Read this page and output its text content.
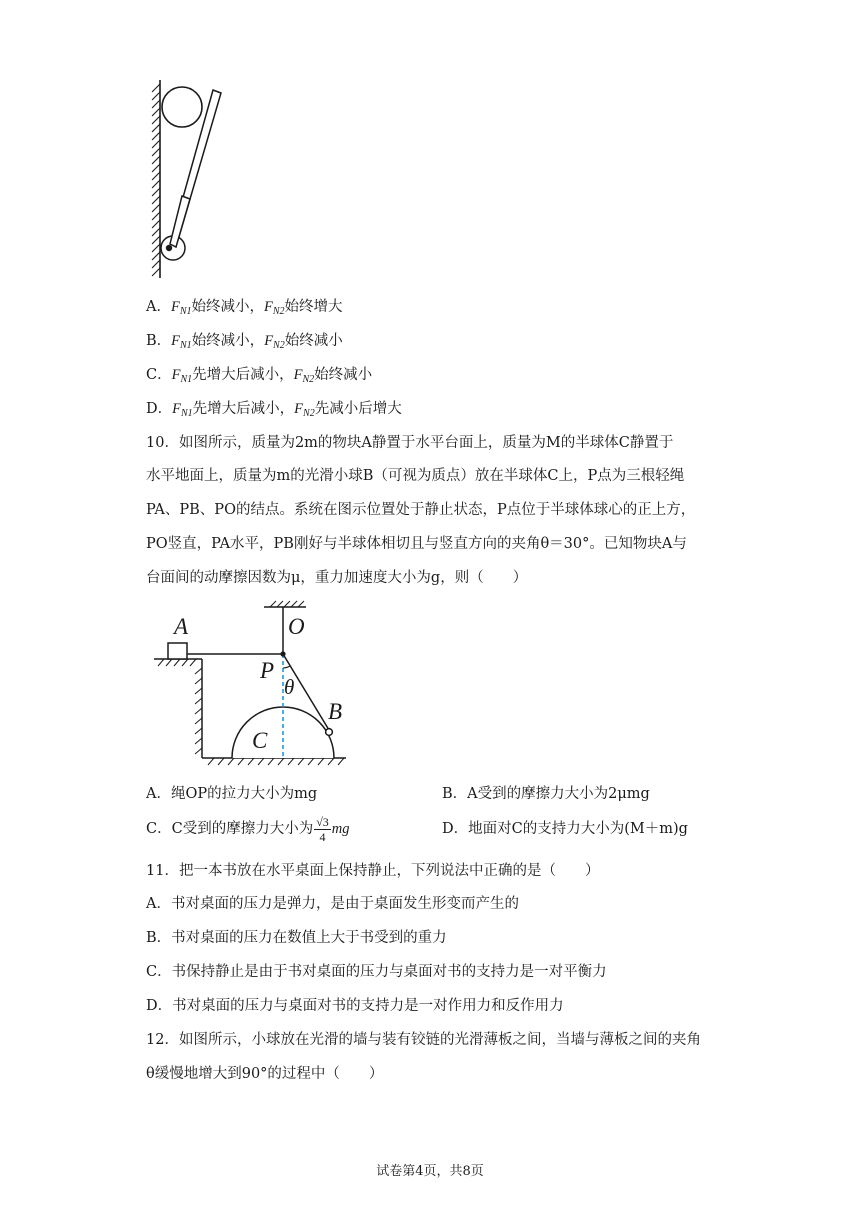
A．$F_{N1}$始终减小，$F_{N2}$始终增大
B．$F_{N1}$始终减小，$F_{N2}$始终减小
C．$F_{N1}$先增大后减小，$F_{N2}$始终减小
D．$F_{N1}$先增大后减小，$F_{N2}$先减小后增大
10．如图所示，质量为2m的物块A静置于水平台面上，质量为M的半球体C静置于
水平地面上，质量为m的光滑小球B（可视为质点）放在半球体C上，P点为三根轻绳
PA、PB、PO的结点。系统在图示位置处于静止状态，P点位于半球体球心的正上方，
PO竖直，PA水平，PB刚好与半球体相切且与竖直方向的夹角θ＝30°。已知物块A与
台面间的动摩擦因数为μ，重力加速度大小为g，则（　　）
A	O
P
θ
B
C
A．绳OP的拉力大小为mg	B．A受到的摩擦力大小为2μmg
C．C受到的摩擦力大小为 $\frac{√3}{4}$ mg	D．地面对C的支持力大小为(M＋m)g
11．把一本书放在水平桌面上保持静止，下列说法中正确的是（　　）
A．书对桌面的压力是弹力，是由于桌面发生形变而产生的
B．书对桌面的压力在数值上大于书受到的重力
C．书保持静止是由于书对桌面的压力与桌面对书的支持力是一对平衡力
D．书对桌面的压力与桌面对书的支持力是一对作用力和反作用力
12．如图所示，小球放在光滑的墙与装有铰链的光滑薄板之间，当墙与薄板之间的夹角
θ缓慢地增大到90°的过程中（　　）
试卷第4页，共8页
